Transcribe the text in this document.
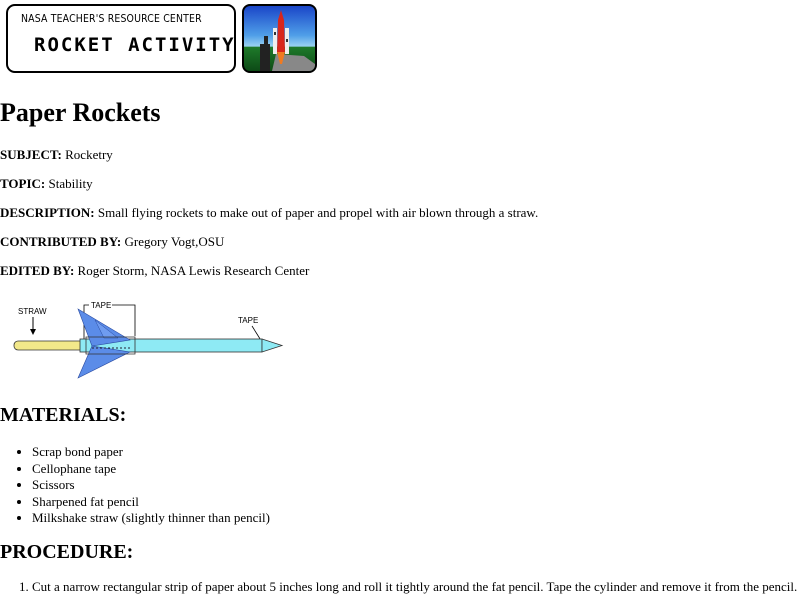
NASA TEACHER'S RESOURCE CENTER
ROCKET ACTIVITY
Paper Rockets
SUBJECT: Rocketry
TOPIC: Stability
DESCRIPTION: Small flying rockets to make out of paper and propel with air blown through a straw.
CONTRIBUTED BY: Gregory Vogt,OSU
EDITED BY: Roger Storm, NASA Lewis Research Center
STRAW
TAPE
TAPE
MATERIALS:
• Scrap bond paper
• Cellophane tape
• Scissors
• Sharpened fat pencil
• Milkshake straw (slightly thinner than pencil)
PROCEDURE:
1. Cut a narrow rectangular strip of paper about 5 inches long and roll it tightly around the fat pencil. Tape the cylinder and remove it from the pencil.
